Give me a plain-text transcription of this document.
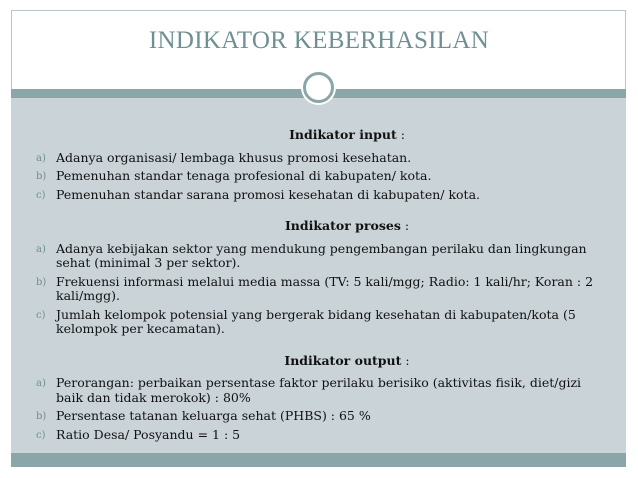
INDIKATOR KEBERHASILAN
Indikator input :
a) Adanya organisasi/ lembaga khusus promosi kesehatan.
b) Pemenuhan standar tenaga profesional di kabupaten/ kota.
c) Pemenuhan standar sarana promosi kesehatan di kabupaten/ kota.
Indikator proses :
a) Adanya kebijakan sektor yang mendukung pengembangan perilaku dan lingkungan sehat (minimal 3 per sektor).
b) Frekuensi informasi melalui media massa (TV: 5 kali/mgg; Radio: 1 kali/hr; Koran : 2 kali/mgg).
c) Jumlah kelompok potensial yang bergerak bidang kesehatan di kabupaten/kota (5 kelompok per kecamatan).
Indikator output :
a) Perorangan: perbaikan persentase faktor perilaku berisiko (aktivitas fisik, diet/gizi baik dan tidak merokok) : 80%
b) Persentase tatanan keluarga sehat (PHBS) : 65 %
c) Ratio Desa/ Posyandu = 1 : 5
